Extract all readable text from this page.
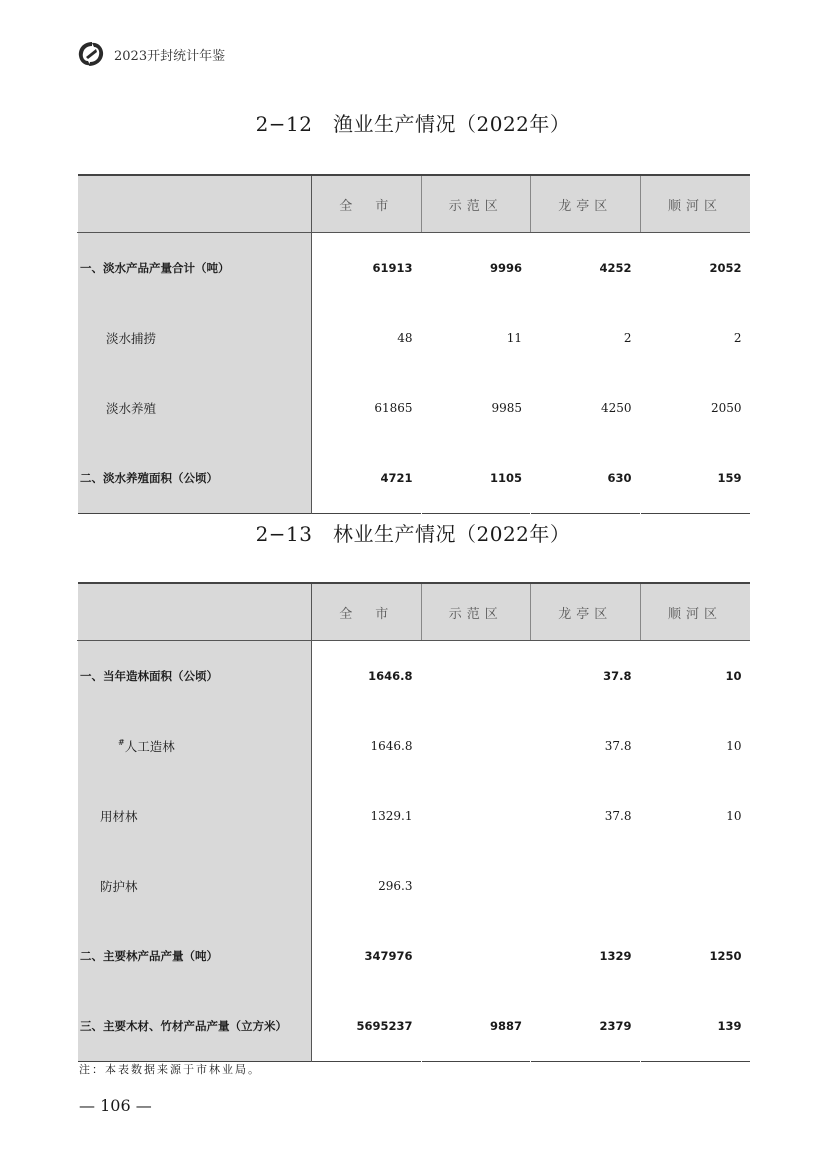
2023开封统计年鉴
2−12　渔业生产情况（2022年）
	全　市	示范区	龙亭区	顺河区
一、淡水产品产量合计（吨）	61913	9996	4252	2052
淡水捕捞	48	11	2	2
淡水养殖	61865	9985	4250	2050
二、淡水养殖面积（公顷）	4721	1105	630	159
2−13　林业生产情况（2022年）
	全　市	示范区	龙亭区	顺河区
一、当年造林面积（公顷）	1646.8		37.8	10
#人工造林	1646.8		37.8	10
用材林	1329.1		37.8	10
防护林	296.3			
二、主要林产品产量（吨）	347976		1329	1250
三、主要木材、竹材产品产量（立方米）	5695237	9887	2379	139
注：本表数据来源于市林业局。
— 106 —
